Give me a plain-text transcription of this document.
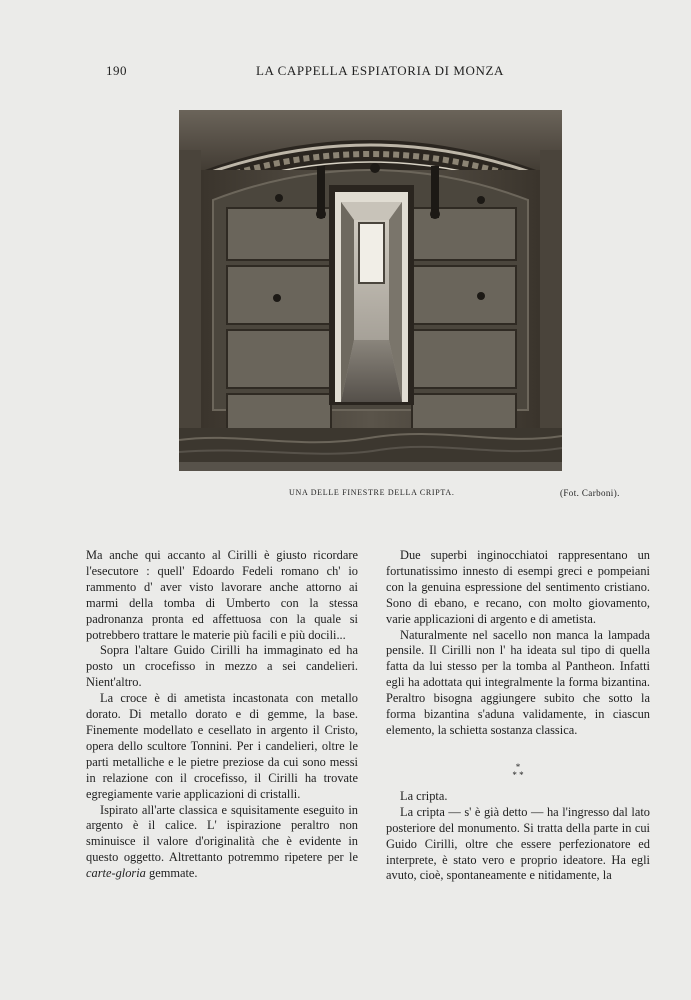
190	LA CAPPELLA ESPIATORIA DI MONZA
UNA DELLE FINESTRE DELLA CRIPTA.	(Fot. Carboni).

Ma anche qui accanto al Cirilli è giusto ricordare l'esecutore : quell' Edoardo Fedeli romano ch' io rammento d' aver visto lavorare anche attorno ai marmi della tomba di Umberto con la stessa padronanza pronta ed affettuosa con la quale si potrebbero trattare le materie più facili e più docili...

Sopra l'altare Guido Cirilli ha immaginato ed ha posto un crocefisso in mezzo a sei candelieri. Nient'altro.

La croce è di ametista incastonata con metallo dorato. Di metallo dorato e di gemme, la base. Finemente modellato e cesellato in argento il Cristo, opera dello scultore Tonnini. Per i candelieri, oltre le parti metalliche e le pietre preziose da cui sono messi in relazione con il crocefisso, il Cirilli ha trovate egregiamente varie applicazioni di cristalli.

Ispirato all'arte classica e squisitamente eseguito in argento è il calice. L' ispirazione peraltro non sminuisce il valore d'originalità che è evidente in questo oggetto. Altrettanto potremmo ripetere per le carte-gloria gemmate.

Due superbi inginocchiatoi rappresentano un fortunatissimo innesto di esempi greci e pompeiani con la genuina espressione del sentimento cristiano. Sono di ebano, e recano, con molto giovamento, varie applicazioni di argento e di ametista.

Naturalmente nel sacello non manca la lampada pensile. Il Cirilli non l' ha ideata sul tipo di quella fatta da lui stesso per la tomba al Pantheon. Infatti egli ha adottata qui integralmente la forma bizantina. Peraltro bisogna aggiungere subito che sotto la forma bizantina s'aduna validamente, in ciascun elemento, la schietta sostanza classica.

*
* *

La cripta.

La cripta — s' è già detto — ha l'ingresso dal lato posteriore del monumento. Si tratta della parte in cui Guido Cirilli, oltre che essere perfezionatore ed interprete, è stato vero e proprio ideatore. Ha egli avuto, cioè, spontaneamente e nitidamente, la
